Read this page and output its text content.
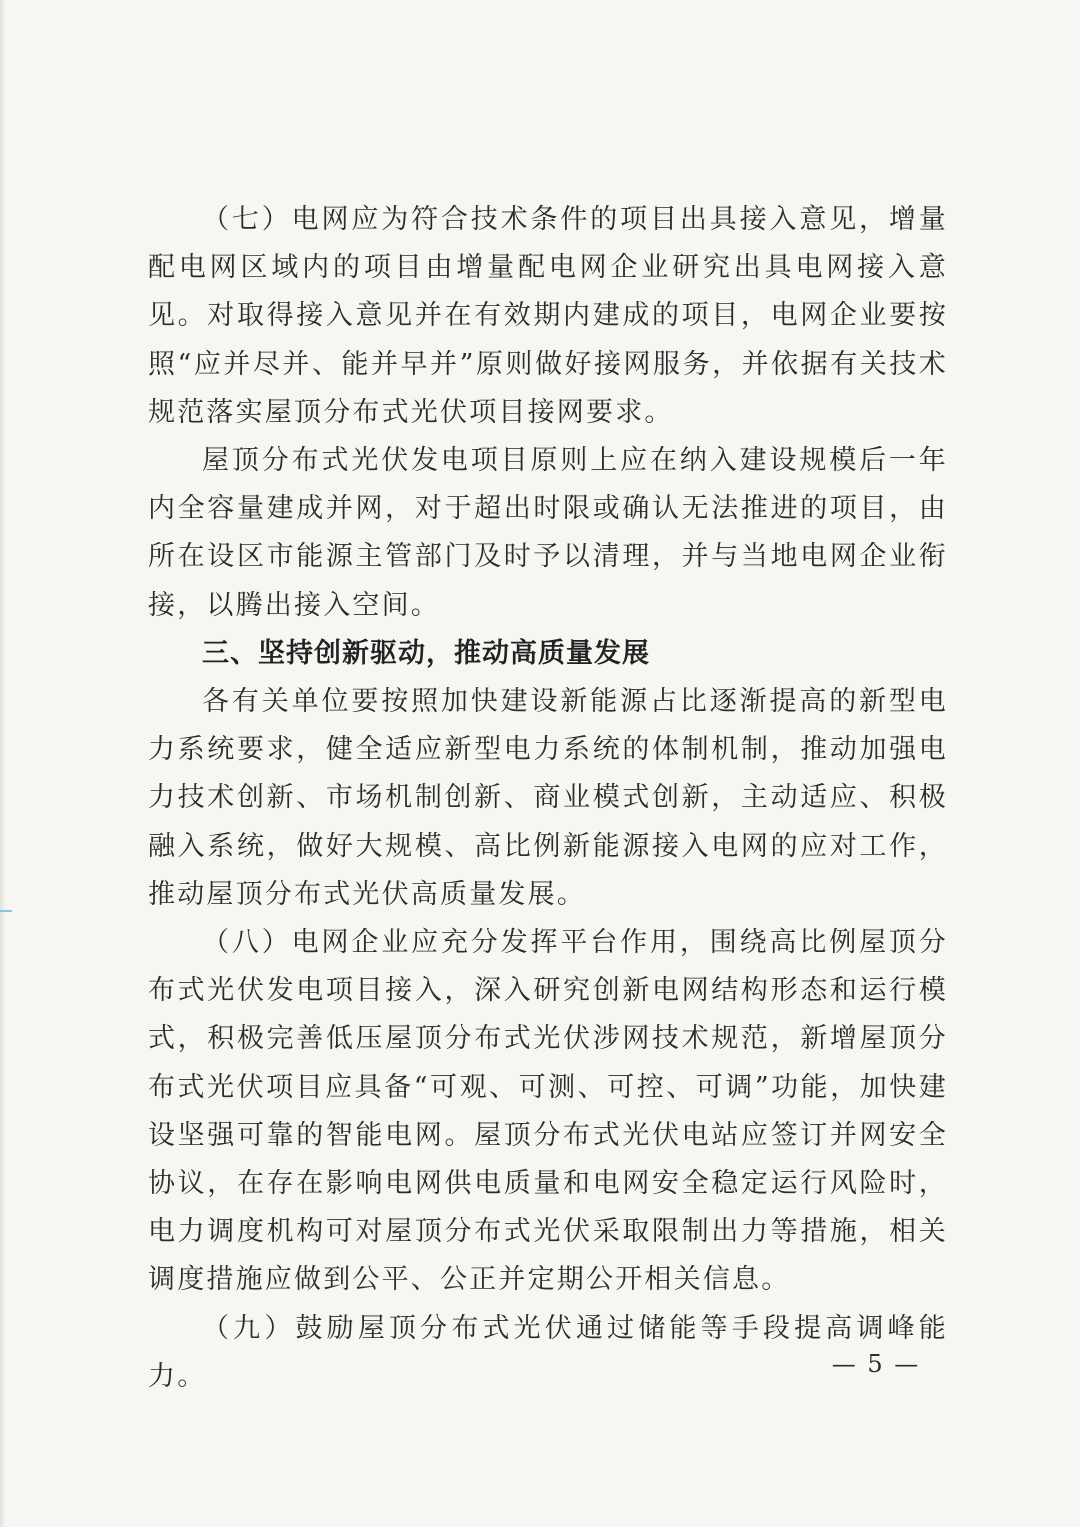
（七）电网应为符合技术条件的项目出具接入意见，增量配电网区域内的项目由增量配电网企业研究出具电网接入意见。对取得接入意见并在有效期内建成的项目，电网企业要按照“应并尽并、能并早并”原则做好接网服务，并依据有关技术规范落实屋顶分布式光伏项目接网要求。

屋顶分布式光伏发电项目原则上应在纳入建设规模后一年内全容量建成并网，对于超出时限或确认无法推进的项目，由所在设区市能源主管部门及时予以清理，并与当地电网企业衔接，以腾出接入空间。

三、坚持创新驱动，推动高质量发展

各有关单位要按照加快建设新能源占比逐渐提高的新型电力系统要求，健全适应新型电力系统的体制机制，推动加强电力技术创新、市场机制创新、商业模式创新，主动适应、积极融入系统，做好大规模、高比例新能源接入电网的应对工作，推动屋顶分布式光伏高质量发展。

（八）电网企业应充分发挥平台作用，围绕高比例屋顶分布式光伏发电项目接入，深入研究创新电网结构形态和运行模式，积极完善低压屋顶分布式光伏涉网技术规范，新增屋顶分布式光伏项目应具备“可观、可测、可控、可调”功能，加快建设坚强可靠的智能电网。屋顶分布式光伏电站应签订并网安全协议，在存在影响电网供电质量和电网安全稳定运行风险时，电力调度机构可对屋顶分布式光伏采取限制出力等措施，相关调度措施应做到公平、公正并定期公开相关信息。

（九）鼓励屋顶分布式光伏通过储能等手段提高调峰能力。	— 5 —
